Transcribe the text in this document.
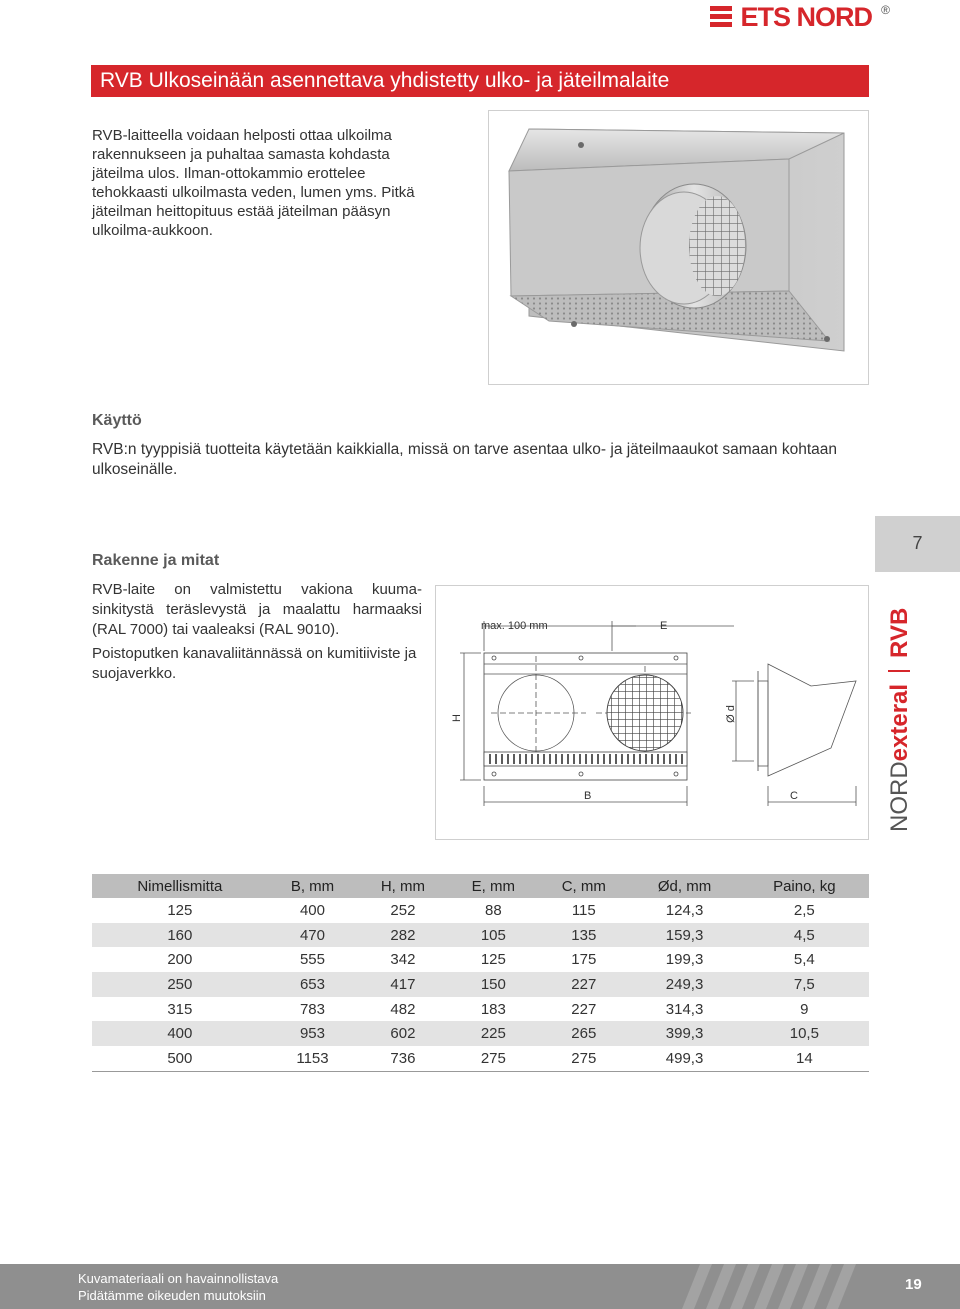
ETS NORD ®
RVB Ulkoseinään asennettava yhdistetty ulko- ja jäteilmalaite

RVB-laitteella voidaan helposti ottaa ulkoilma rakennukseen ja puhaltaa samasta kohdasta jäteilma ulos. Ilman-ottokammio erottelee tehokkaasti ulkoilmasta veden, lumen yms. Pitkä jäteilman heittopituus estää jäteilman pääsyn ulkoilma-aukkoon.

Käyttö
RVB:n tyyppisiä tuotteita käytetään kaikkialla, missä on tarve asentaa ulko- ja jäteilmaaukot samaan kohtaan ulkoseinälle.
Rakenne ja mitat

RVB-laite on valmistettu vakiona kuuma-sinkitystä teräslevystä ja maalattu harmaaksi (RAL 7000) tai vaaleaksi (RAL 9010).

Poistoputken kanavaliitännässä on kumitiiviste ja suojaverkko.

max. 100 mm	E
B	C
H	Ø d
7
NORDexteralRVB
Nimellismitta	B, mm	H, mm	E, mm	C, mm	Ød, mm	Paino, kg
125	400	252	88	115	124,3	2,5
160	470	282	105	135	159,3	4,5
200	555	342	125	175	199,3	5,4
250	653	417	150	227	249,3	7,5
315	783	482	183	227	314,3	9
400	953	602	225	265	399,3	10,5
500	1153	736	275	275	499,3	14
Kuvamateriaali on havainnollistava
Pidätämme oikeuden muutoksiin
19
